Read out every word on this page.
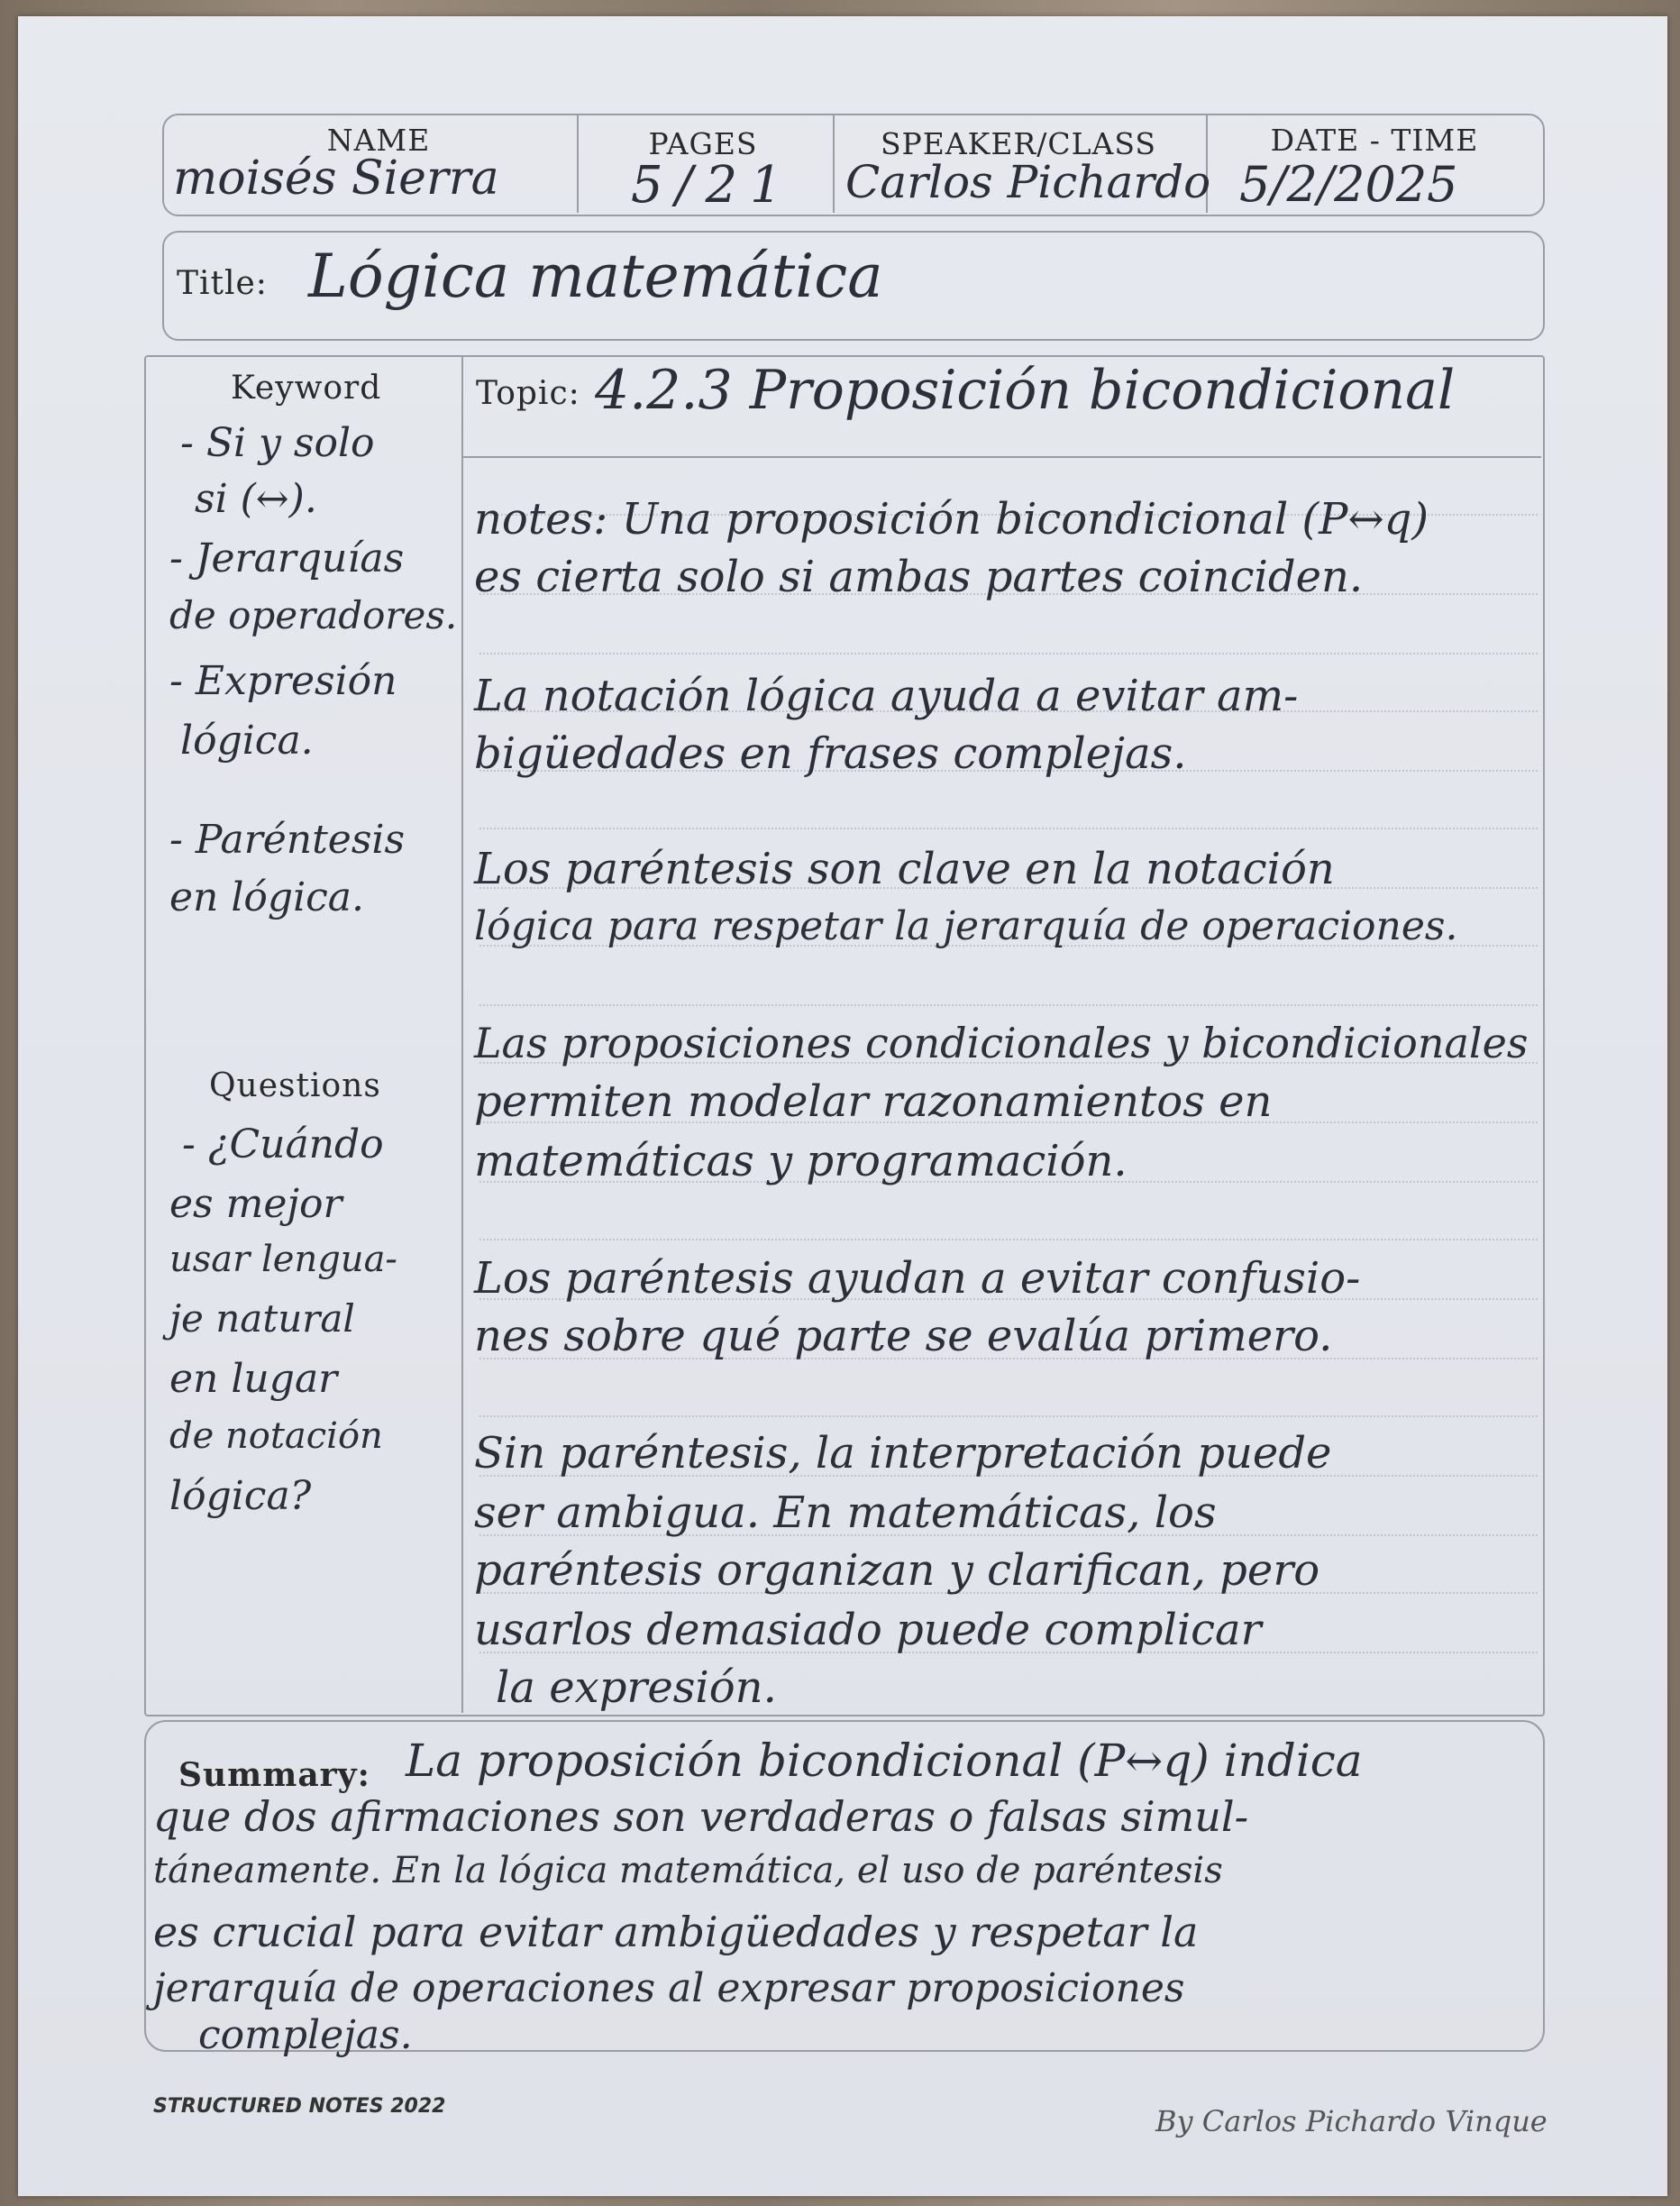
NAME
moisés Sierra
PAGES
5/21
SPEAKER/CLASS
Carlos Pichardo
DATE - TIME
5/2/2025
Title: Lógica matemática
Keyword
- Si y solo
si (↔).
- Jerarquías
de operadores.
- Expresión
lógica.
- Paréntesis
en lógica.
Questions
- ¿Cuándo
es mejor
usar lengua-
je natural
en lugar
de notación
lógica?
Topic: 4.2.3 Proposición bicondicional
notes: Una proposición bicondicional (P↔q)
es cierta solo si ambas partes coinciden.
La notación lógica ayuda a evitar am-
bigüedades en frases complejas.
Los paréntesis son clave en la notación
lógica para respetar la jerarquía de operaciones.
Las proposiciones condicionales y bicondicionales
permiten modelar razonamientos en
matemáticas y programación.
Los paréntesis ayudan a evitar confusio-
nes sobre qué parte se evalúa primero.
Sin paréntesis, la interpretación puede
ser ambigua. En matemáticas, los
paréntesis organizan y clarifican, pero
usarlos demasiado puede complicar
la expresión.
Summary: La proposición bicondicional (P↔q) indica
que dos afirmaciones son verdaderas o falsas simul-
táneamente. En la lógica matemática, el uso de paréntesis
es crucial para evitar ambigüedades y respetar la
jerarquía de operaciones al expresar proposiciones
complejas.
STRUCTURED NOTES 2022	By Carlos Pichardo Vinque
